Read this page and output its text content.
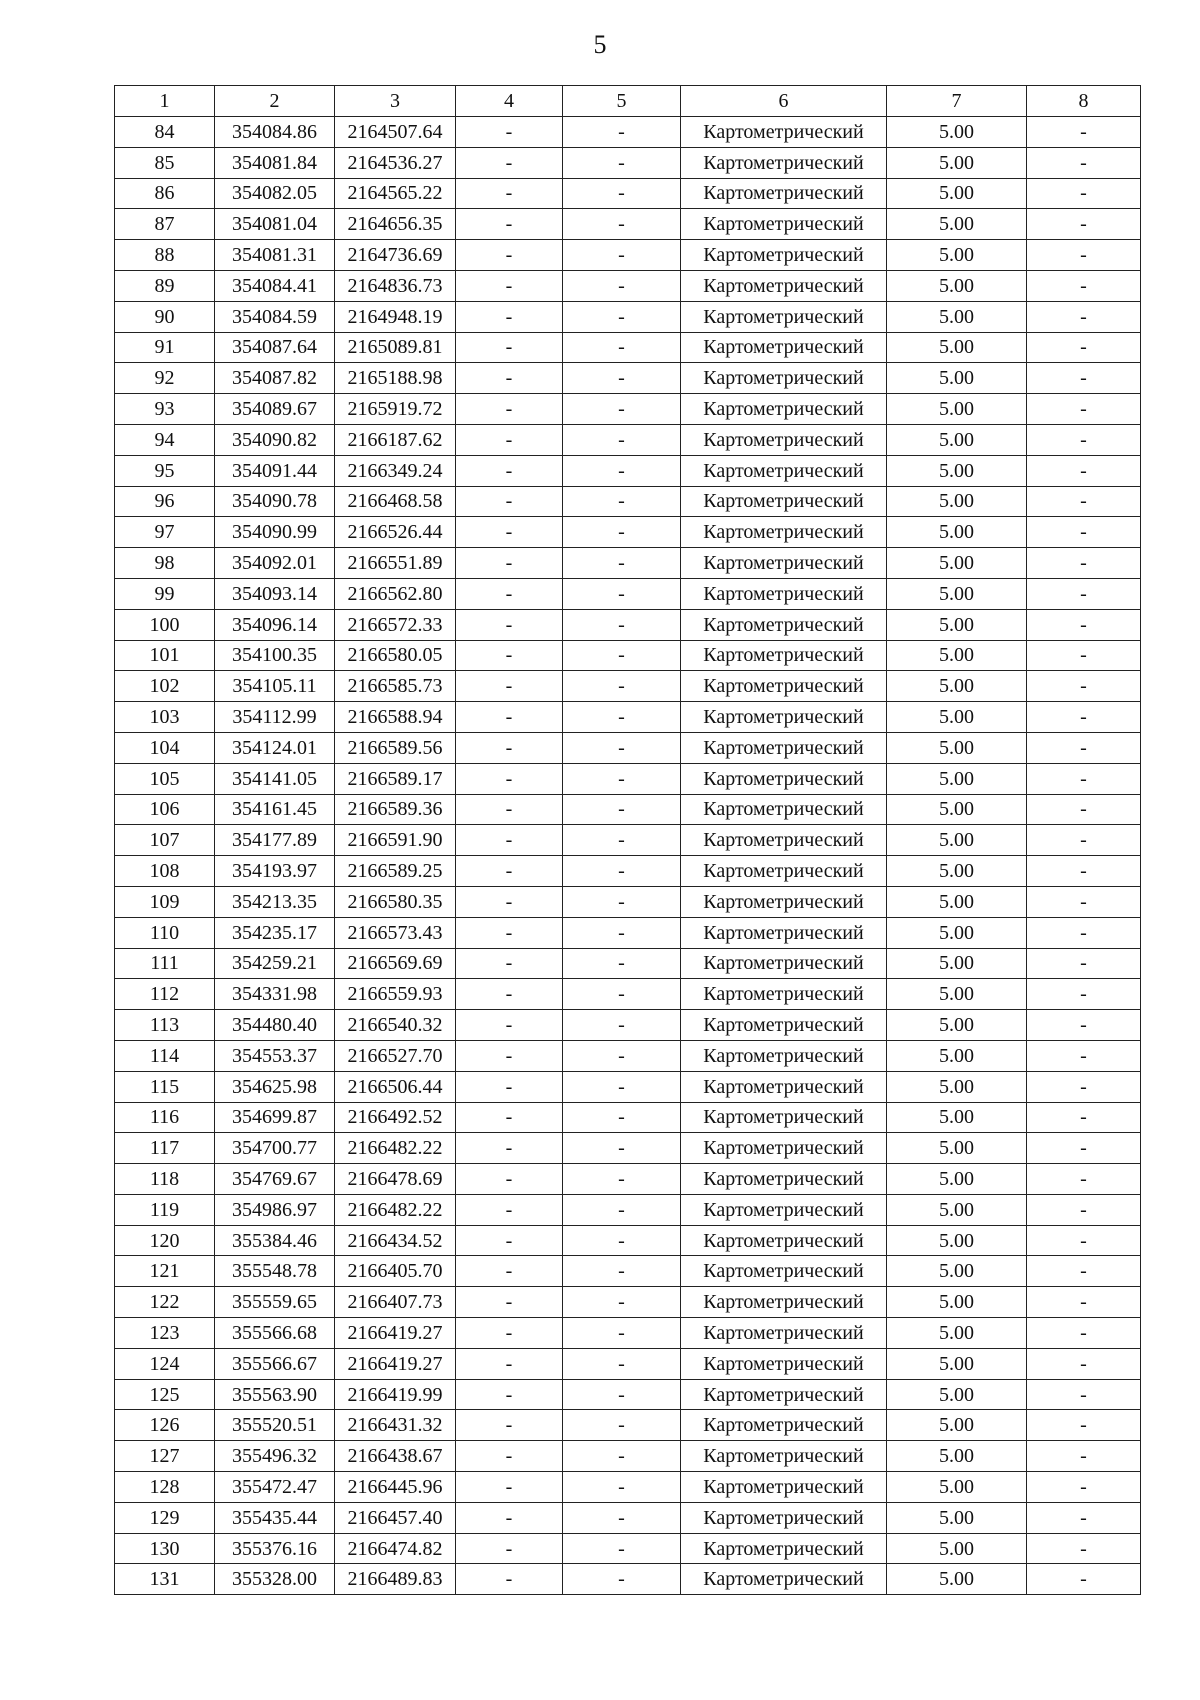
5
1	2	3	4	5	6	7	8
84	354084.86	2164507.64	-	-	Картометрический	5.00	-
85	354081.84	2164536.27	-	-	Картометрический	5.00	-
86	354082.05	2164565.22	-	-	Картометрический	5.00	-
87	354081.04	2164656.35	-	-	Картометрический	5.00	-
88	354081.31	2164736.69	-	-	Картометрический	5.00	-
89	354084.41	2164836.73	-	-	Картометрический	5.00	-
90	354084.59	2164948.19	-	-	Картометрический	5.00	-
91	354087.64	2165089.81	-	-	Картометрический	5.00	-
92	354087.82	2165188.98	-	-	Картометрический	5.00	-
93	354089.67	2165919.72	-	-	Картометрический	5.00	-
94	354090.82	2166187.62	-	-	Картометрический	5.00	-
95	354091.44	2166349.24	-	-	Картометрический	5.00	-
96	354090.78	2166468.58	-	-	Картометрический	5.00	-
97	354090.99	2166526.44	-	-	Картометрический	5.00	-
98	354092.01	2166551.89	-	-	Картометрический	5.00	-
99	354093.14	2166562.80	-	-	Картометрический	5.00	-
100	354096.14	2166572.33	-	-	Картометрический	5.00	-
101	354100.35	2166580.05	-	-	Картометрический	5.00	-
102	354105.11	2166585.73	-	-	Картометрический	5.00	-
103	354112.99	2166588.94	-	-	Картометрический	5.00	-
104	354124.01	2166589.56	-	-	Картометрический	5.00	-
105	354141.05	2166589.17	-	-	Картометрический	5.00	-
106	354161.45	2166589.36	-	-	Картометрический	5.00	-
107	354177.89	2166591.90	-	-	Картометрический	5.00	-
108	354193.97	2166589.25	-	-	Картометрический	5.00	-
109	354213.35	2166580.35	-	-	Картометрический	5.00	-
110	354235.17	2166573.43	-	-	Картометрический	5.00	-
111	354259.21	2166569.69	-	-	Картометрический	5.00	-
112	354331.98	2166559.93	-	-	Картометрический	5.00	-
113	354480.40	2166540.32	-	-	Картометрический	5.00	-
114	354553.37	2166527.70	-	-	Картометрический	5.00	-
115	354625.98	2166506.44	-	-	Картометрический	5.00	-
116	354699.87	2166492.52	-	-	Картометрический	5.00	-
117	354700.77	2166482.22	-	-	Картометрический	5.00	-
118	354769.67	2166478.69	-	-	Картометрический	5.00	-
119	354986.97	2166482.22	-	-	Картометрический	5.00	-
120	355384.46	2166434.52	-	-	Картометрический	5.00	-
121	355548.78	2166405.70	-	-	Картометрический	5.00	-
122	355559.65	2166407.73	-	-	Картометрический	5.00	-
123	355566.68	2166419.27	-	-	Картометрический	5.00	-
124	355566.67	2166419.27	-	-	Картометрический	5.00	-
125	355563.90	2166419.99	-	-	Картометрический	5.00	-
126	355520.51	2166431.32	-	-	Картометрический	5.00	-
127	355496.32	2166438.67	-	-	Картометрический	5.00	-
128	355472.47	2166445.96	-	-	Картометрический	5.00	-
129	355435.44	2166457.40	-	-	Картометрический	5.00	-
130	355376.16	2166474.82	-	-	Картометрический	5.00	-
131	355328.00	2166489.83	-	-	Картометрический	5.00	-
